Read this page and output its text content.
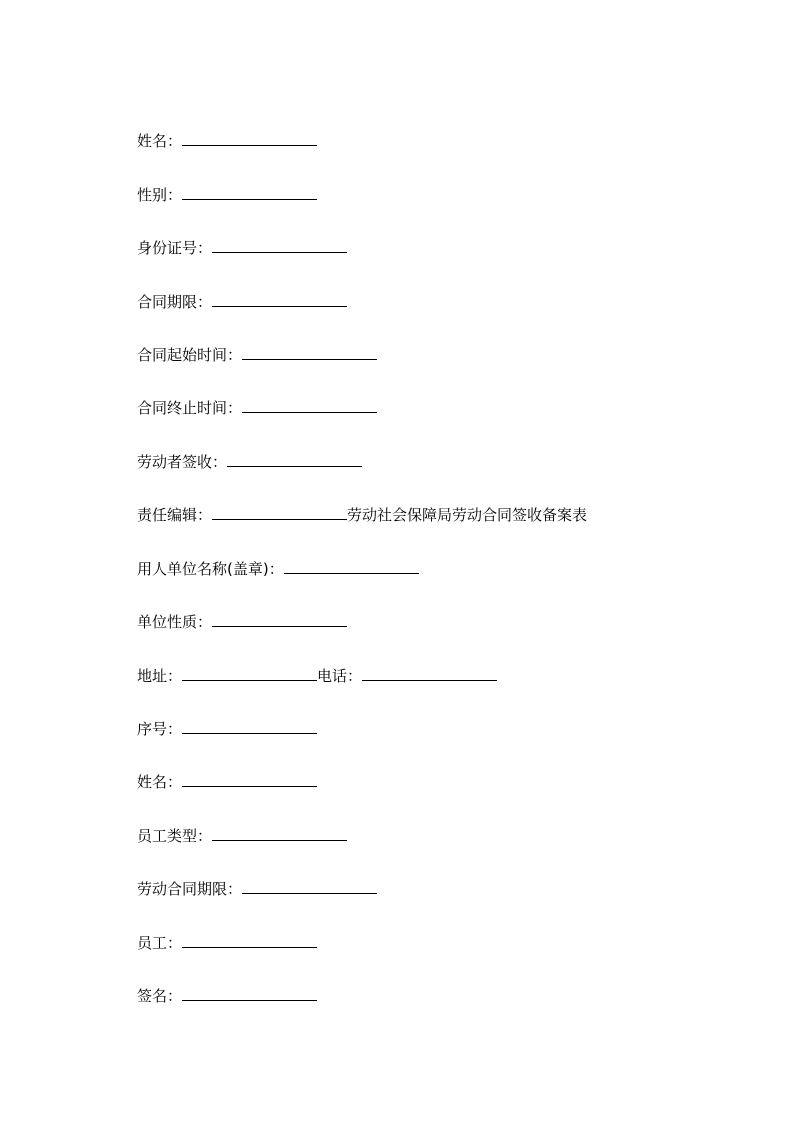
姓名：
性别：
身份证号：
合同期限：
合同起始时间：
合同终止时间：
劳动者签收：
责任编辑：	劳动社会保障局劳动合同签收备案表
用人单位名称(盖章)：
单位性质：
地址：	电话：
序号：
姓名：
员工类型：
劳动合同期限：
员工：
签名：
